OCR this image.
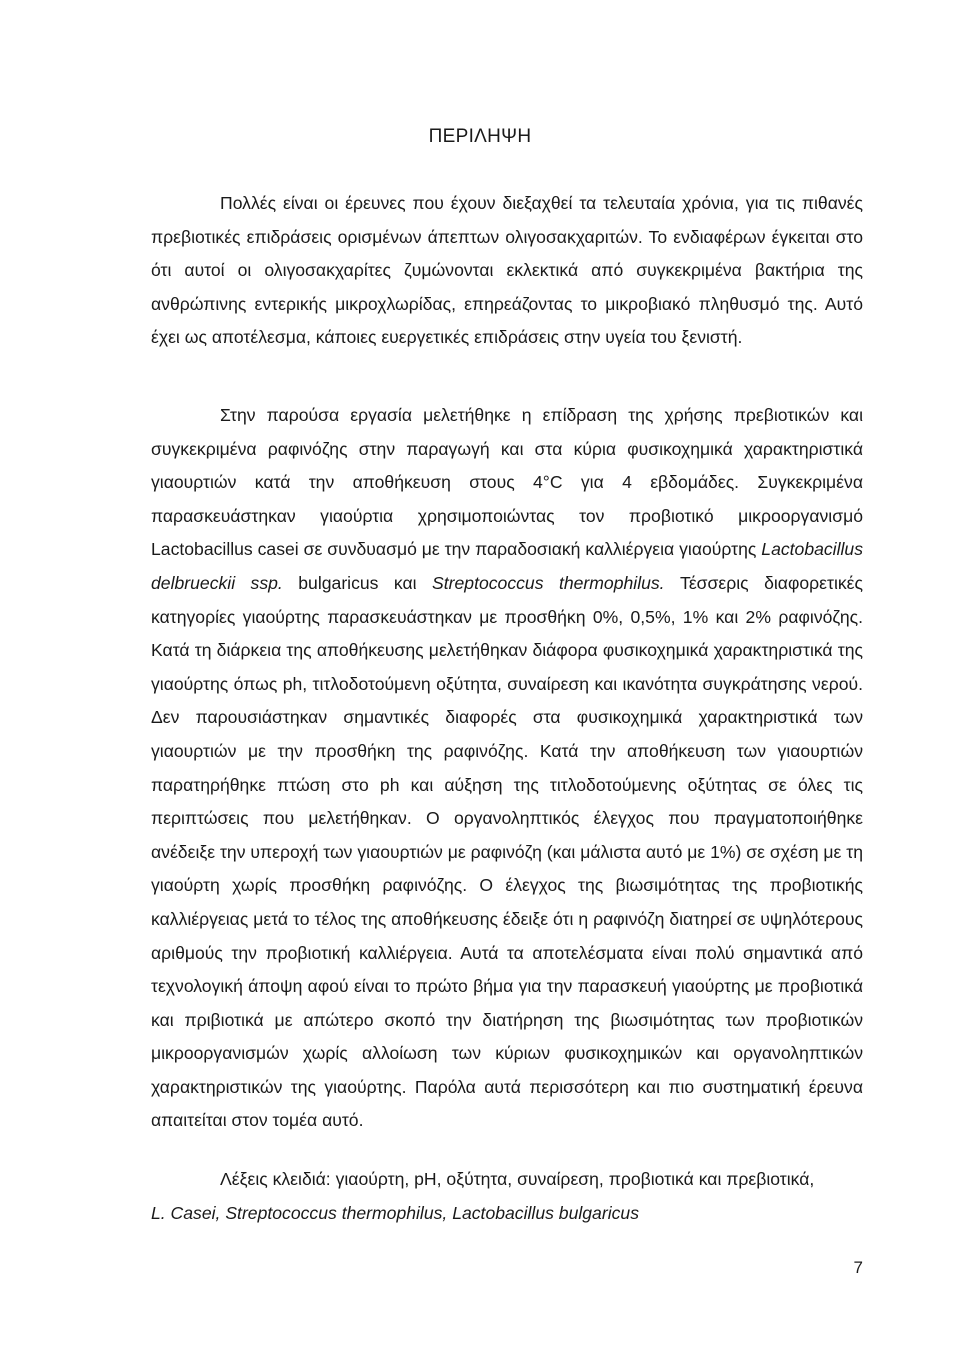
ΠΕΡΙΛΗΨΗ

Πολλές είναι οι έρευνες που έχουν διεξαχθεί τα τελευταία χρόνια, για τις πιθανές πρεβιοτικές επιδράσεις ορισμένων άπεπτων ολιγοσακχαριτών. Το ενδιαφέρων έγκειται στο ότι αυτοί οι ολιγοσακχαρίτες ζυμώνονται εκλεκτικά από συγκεκριμένα βακτήρια της ανθρώπινης εντερικής μικροχλωρίδας, επηρεάζοντας το μικροβιακό πληθυσμό της. Αυτό έχει ως αποτέλεσμα, κάποιες ευεργετικές επιδράσεις στην υγεία του ξενιστή.

Στην παρούσα εργασία μελετήθηκε η επίδραση της χρήσης πρεβιοτικών και συγκεκριμένα ραφινόζης στην παραγωγή και στα κύρια φυσικοχημικά χαρακτηριστικά γιαουρτιών κατά την αποθήκευση στους 4°C για 4 εβδομάδες. Συγκεκριμένα παρασκευάστηκαν γιαούρτια χρησιμοποιώντας τον προβιοτικό μικροοργανισμό Lactobacillus casei σε συνδυασμό με την παραδοσιακή καλλιέργεια γιαούρτης Lactobacillus delbrueckii ssp. bulgaricus και Streptococcus thermophilus. Τέσσερις διαφορετικές κατηγορίες γιαούρτης παρασκευάστηκαν με προσθήκη 0%, 0,5%, 1% και 2% ραφινόζης. Κατά τη διάρκεια της αποθήκευσης μελετήθηκαν διάφορα φυσικοχημικά χαρακτηριστικά της γιαούρτης όπως ph, τιτλοδοτούμενη οξύτητα, συναίρεση και ικανότητα συγκράτησης νερού. Δεν παρουσιάστηκαν σημαντικές διαφορές στα φυσικοχημικά χαρακτηριστικά των γιαουρτιών με την προσθήκη της ραφινόζης. Κατά την αποθήκευση των γιαουρτιών παρατηρήθηκε πτώση στο ph και αύξηση της τιτλοδοτούμενης οξύτητας σε όλες τις περιπτώσεις που μελετήθηκαν. Ο οργανοληπτικός έλεγχος που πραγματοποιήθηκε ανέδειξε την υπεροχή των γιαουρτιών με ραφινόζη (και μάλιστα αυτό με 1%) σε σχέση με τη γιαούρτη χωρίς προσθήκη ραφινόζης. Ο έλεγχος της βιωσιμότητας της προβιοτικής καλλιέργειας μετά το τέλος της αποθήκευσης έδειξε ότι η ραφινόζη διατηρεί σε υψηλότερους αριθμούς την προβιοτική καλλιέργεια. Αυτά τα αποτελέσματα είναι πολύ σημαντικά από τεχνολογική άποψη αφού είναι το πρώτο βήμα για την παρασκευή γιαούρτης με προβιοτικά και πριβιοτικά με απώτερο σκοπό την διατήρηση της βιωσιμότητας των προβιοτικών μικροοργανισμών χωρίς αλλοίωση των κύριων φυσικοχημικών και οργανοληπτικών χαρακτηριστικών της γιαούρτης. Παρόλα αυτά περισσότερη και πιο συστηματική έρευνα απαιτείται στον τομέα αυτό.

Λέξεις κλειδιά: γιαούρτη, pH, οξύτητα, συναίρεση, προβιοτικά και πρεβιοτικά,
L. Casei, Streptococcus thermophilus, Lactobacillus bulgaricus

7
